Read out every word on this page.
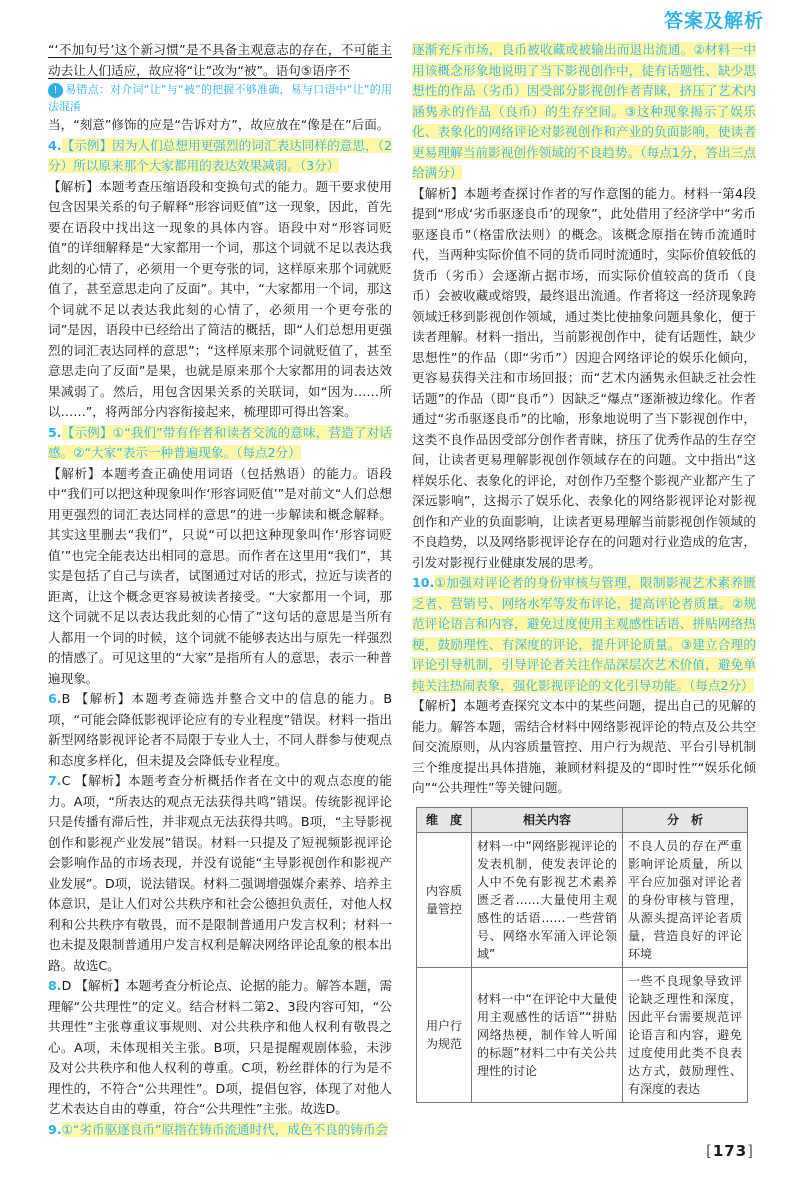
答案及解析

“‘不加句号’这个新习惯”是不具备主观意志的存在，不可能主动去让人们适应，故应将“让”改为“被”。语句⑤语序不

! 易错点：对介词“让”与“被”的把握不够准确，易与口语中“让”的用法混淆

当，“刻意”修饰的应是“告诉对方”，故应放在“像是在”后面。

4.【示例】因为人们总想用更强烈的词汇表达同样的意思，（2分）所以原来那个大家都用的表达效果减弱。（3分）

【解析】本题考查压缩语段和变换句式的能力。题干要求使用包含因果关系的句子解释“形容词贬值”这一现象，因此，首先要在语段中找出这一现象的具体内容。语段中对“形容词贬值”的详细解释是“大家都用一个词，那这个词就不足以表达我此刻的心情了，必须用一个更夸张的词，这样原来那个词就贬值了，甚至意思走向了反面”。其中，“大家都用一个词，那这个词就不足以表达我此刻的心情了，必须用一个更夸张的词”是因，语段中已经给出了简洁的概括，即“人们总想用更强烈的词汇表达同样的意思”；“这样原来那个词就贬值了，甚至意思走向了反面”是果，也就是原来那个大家都用的词表达效果减弱了。然后，用包含因果关系的关联词，如“因为……所以……”，将两部分内容衔接起来，梳理即可得出答案。

5.【示例】①“我们”带有作者和读者交流的意味，营造了对话感。②“大家”表示一种普遍现象。（每点2分）

【解析】本题考查正确使用词语（包括熟语）的能力。语段中“我们可以把这种现象叫作‘形容词贬值’”是对前文“人们总想用更强烈的词汇表达同样的意思”的进一步解读和概念解释。其实这里删去“我们”，只说“可以把这种现象叫作‘形容词贬值’”也完全能表达出相同的意思。而作者在这里用“我们”，其实是包括了自己与读者，试图通过对话的形式，拉近与读者的距离，让这个概念更容易被读者接受。“大家都用一个词，那这个词就不足以表达我此刻的心情了”这句话的意思是当所有人都用一个词的时候，这个词就不能够表达出与原先一样强烈的情感了。可见这里的“大家”是指所有人的意思，表示一种普遍现象。

6.B 【解析】本题考查筛选并整合文中的信息的能力。B项，“可能会降低影视评论应有的专业程度”错误。材料一指出新型网络影视评论者不局限于专业人士，不同人群参与使观点和态度多样化，但未提及会降低专业程度。

7.C 【解析】本题考查分析概括作者在文中的观点态度的能力。A项，“所表达的观点无法获得共鸣”错误。传统影视评论只是传播有滞后性，并非观点无法获得共鸣。B项，“主导影视创作和影视产业发展”错误。材料一只提及了短视频影视评论会影响作品的市场表现，并没有说能“主导影视创作和影视产业发展”。D项，说法错误。材料二强调增强媒介素养、培养主体意识，是让人们对公共秩序和社会公德担负责任，对他人权利和公共秩序有敬畏，而不是限制普通用户发言权利；材料一也未提及限制普通用户发言权利是解决网络评论乱象的根本出路。故选C。

8.D 【解析】本题考查分析论点、论据的能力。解答本题，需理解“公共理性”的定义。结合材料二第2、3段内容可知，“公共理性”主张尊重议事规则、对公共秩序和他人权利有敬畏之心。A项，未体现相关主张。B项，只是提醒观剧体验，未涉及对公共秩序和他人权利的尊重。C项，粉丝群体的行为是不理性的，不符合“公共理性”。D项，提倡包容，体现了对他人艺术表达自由的尊重，符合“公共理性”主张。故选D。

9.①“劣币驱逐良币”原指在铸币流通时代，成色不良的铸币会

逐渐充斥市场，良币被收藏或被输出而退出流通。②材料一中用该概念形象地说明了当下影视创作中，徒有话题性、缺少思想性的作品（劣币）因受部分影视创作者青睐，挤压了艺术内涵隽永的作品（良币）的生存空间。③这种现象揭示了娱乐化、表象化的网络评论对影视创作和产业的负面影响，使读者更易理解当前影视创作领域的不良趋势。（每点1分，答出三点给满分）

【解析】本题考查探讨作者的写作意图的能力。材料一第4段提到“形成‘劣币驱逐良币’的现象”，此处借用了经济学中“劣币驱逐良币”（格雷欣法则）的概念。该概念原指在铸币流通时代，当两种实际价值不同的货币同时流通时，实际价值较低的货币（劣币）会逐渐占据市场，而实际价值较高的货币（良币）会被收藏或熔毁，最终退出流通。作者将这一经济现象跨领域迁移到影视创作领域，通过类比使抽象问题具象化，便于读者理解。材料一指出，当前影视创作中，徒有话题性，缺少思想性”的作品（即“劣币”）因迎合网络评论的娱乐化倾向，更容易获得关注和市场回报；而“艺术内涵隽永但缺乏社会性话题”的作品（即“良币”）因缺乏“爆点”逐渐被边缘化。作者通过“劣币驱逐良币”的比喻，形象地说明了当下影视创作中，这类不良作品因受部分创作者青睐，挤压了优秀作品的生存空间，让读者更易理解影视创作领域存在的问题。文中指出“这样娱乐化、表象化的评论，对创作乃至整个影视产业都产生了深远影响”，这揭示了娱乐化、表象化的网络影视评论对影视创作和产业的负面影响，让读者更易理解当前影视创作领域的不良趋势，以及网络影视评论存在的问题对行业造成的危害，引发对影视行业健康发展的思考。

10.①加强对评论者的身份审核与管理，限制影视艺术素养匮乏者、营销号、网络水军等发布评论，提高评论者质量。②规范评论语言和内容，避免过度使用主观感性话语、拼贴网络热梗，鼓励理性、有深度的评论，提升评论质量。③建立合理的评论引导机制，引导评论者关注作品深层次艺术价值，避免单纯关注热闹表象，强化影视评论的文化引导功能。（每点2分）

【解析】本题考查探究文本中的某些问题，提出自己的见解的能力。解答本题，需结合材料中网络影视评论的特点及公共空间交流原则，从内容质量管控、用户行为规范、平台引导机制三个维度提出具体措施，兼顾材料提及的“即时性”“娱乐化倾向”“公共理性”等关键问题。

维　度	相关内容	分　析
内容质量管控	材料一中“网络影视评论的发表机制，使发表评论的人中不免有影视艺术素养匮乏者……大量使用主观感性的话语……一些营销号、网络水军涌入评论领域”	不良人员的存在严重影响评论质量，所以平台应加强对评论者的身份审核与管理，从源头提高评论者质量，营造良好的评论环境
用户行为规范	材料一中“在评论中大量使用主观感性的话语”“拼贴网络热梗，制作耸人听闻的标题”材料二中有关公共理性的讨论	一些不良现象导致评论缺乏理性和深度，因此平台需要规范评论语言和内容，避免过度使用此类不良表达方式，鼓励理性、有深度的表达
[173]
